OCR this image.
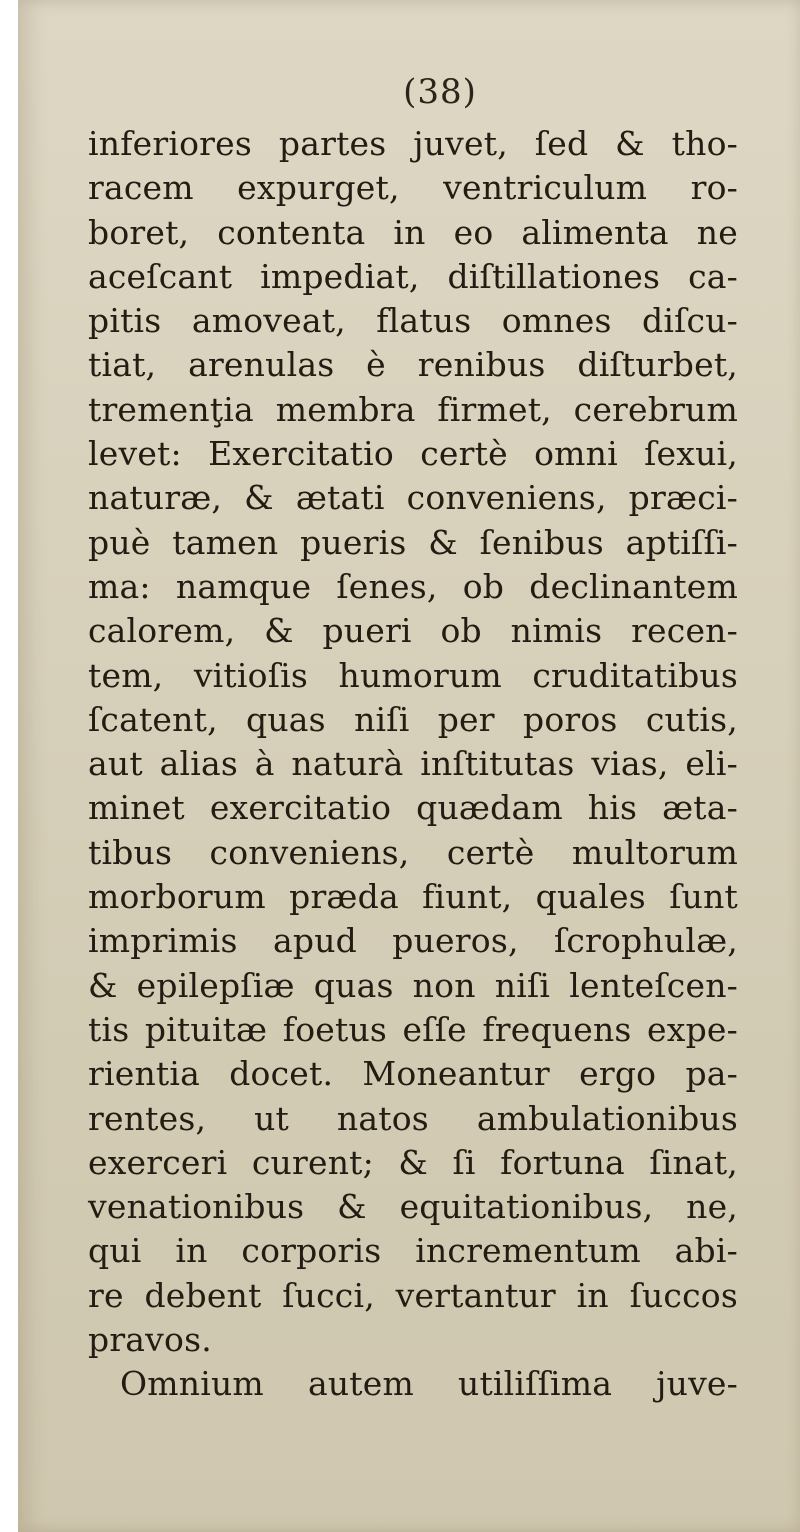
(38)
inferiores partes juvet, ſed & tho-
racem expurget, ventriculum ro-
boret, contenta in eo alimenta ne
aceſcant impediat, diſtillationes ca-
pitis amoveat, flatus omnes diſcu-
tiat, arenulas è renibus diſturbet,
tremenţia membra firmet, cerebrum
levet: Exercitatio certè omni ſexui,
naturæ, & ætati conveniens, præci-
puè tamen pueris & ſenibus aptiſſi-
ma: namque ſenes, ob declinantem
calorem, & pueri ob nimis recen-
tem, vitioſis humorum cruditatibus
ſcatent, quas niſi per poros cutis,
aut alias à naturà inſtitutas vias, eli-
minet exercitatio quædam his æta-
tibus conveniens, certè multorum
morborum præda fiunt, quales ſunt
imprimis apud pueros, ſcrophulæ,
& epilepſiæ quas non niſi lenteſcen-
tis pituitæ foetus eſſe frequens expe-
rientia docet. Moneantur ergo pa-
rentes, ut natos ambulationibus
exerceri curent; & ſi fortuna ſinat,
venationibus & equitationibus, ne,
qui in corporis incrementum abi-
re debent ſucci, vertantur in ſuccos
pravos.
Omnium autem utiliſſima juve-
